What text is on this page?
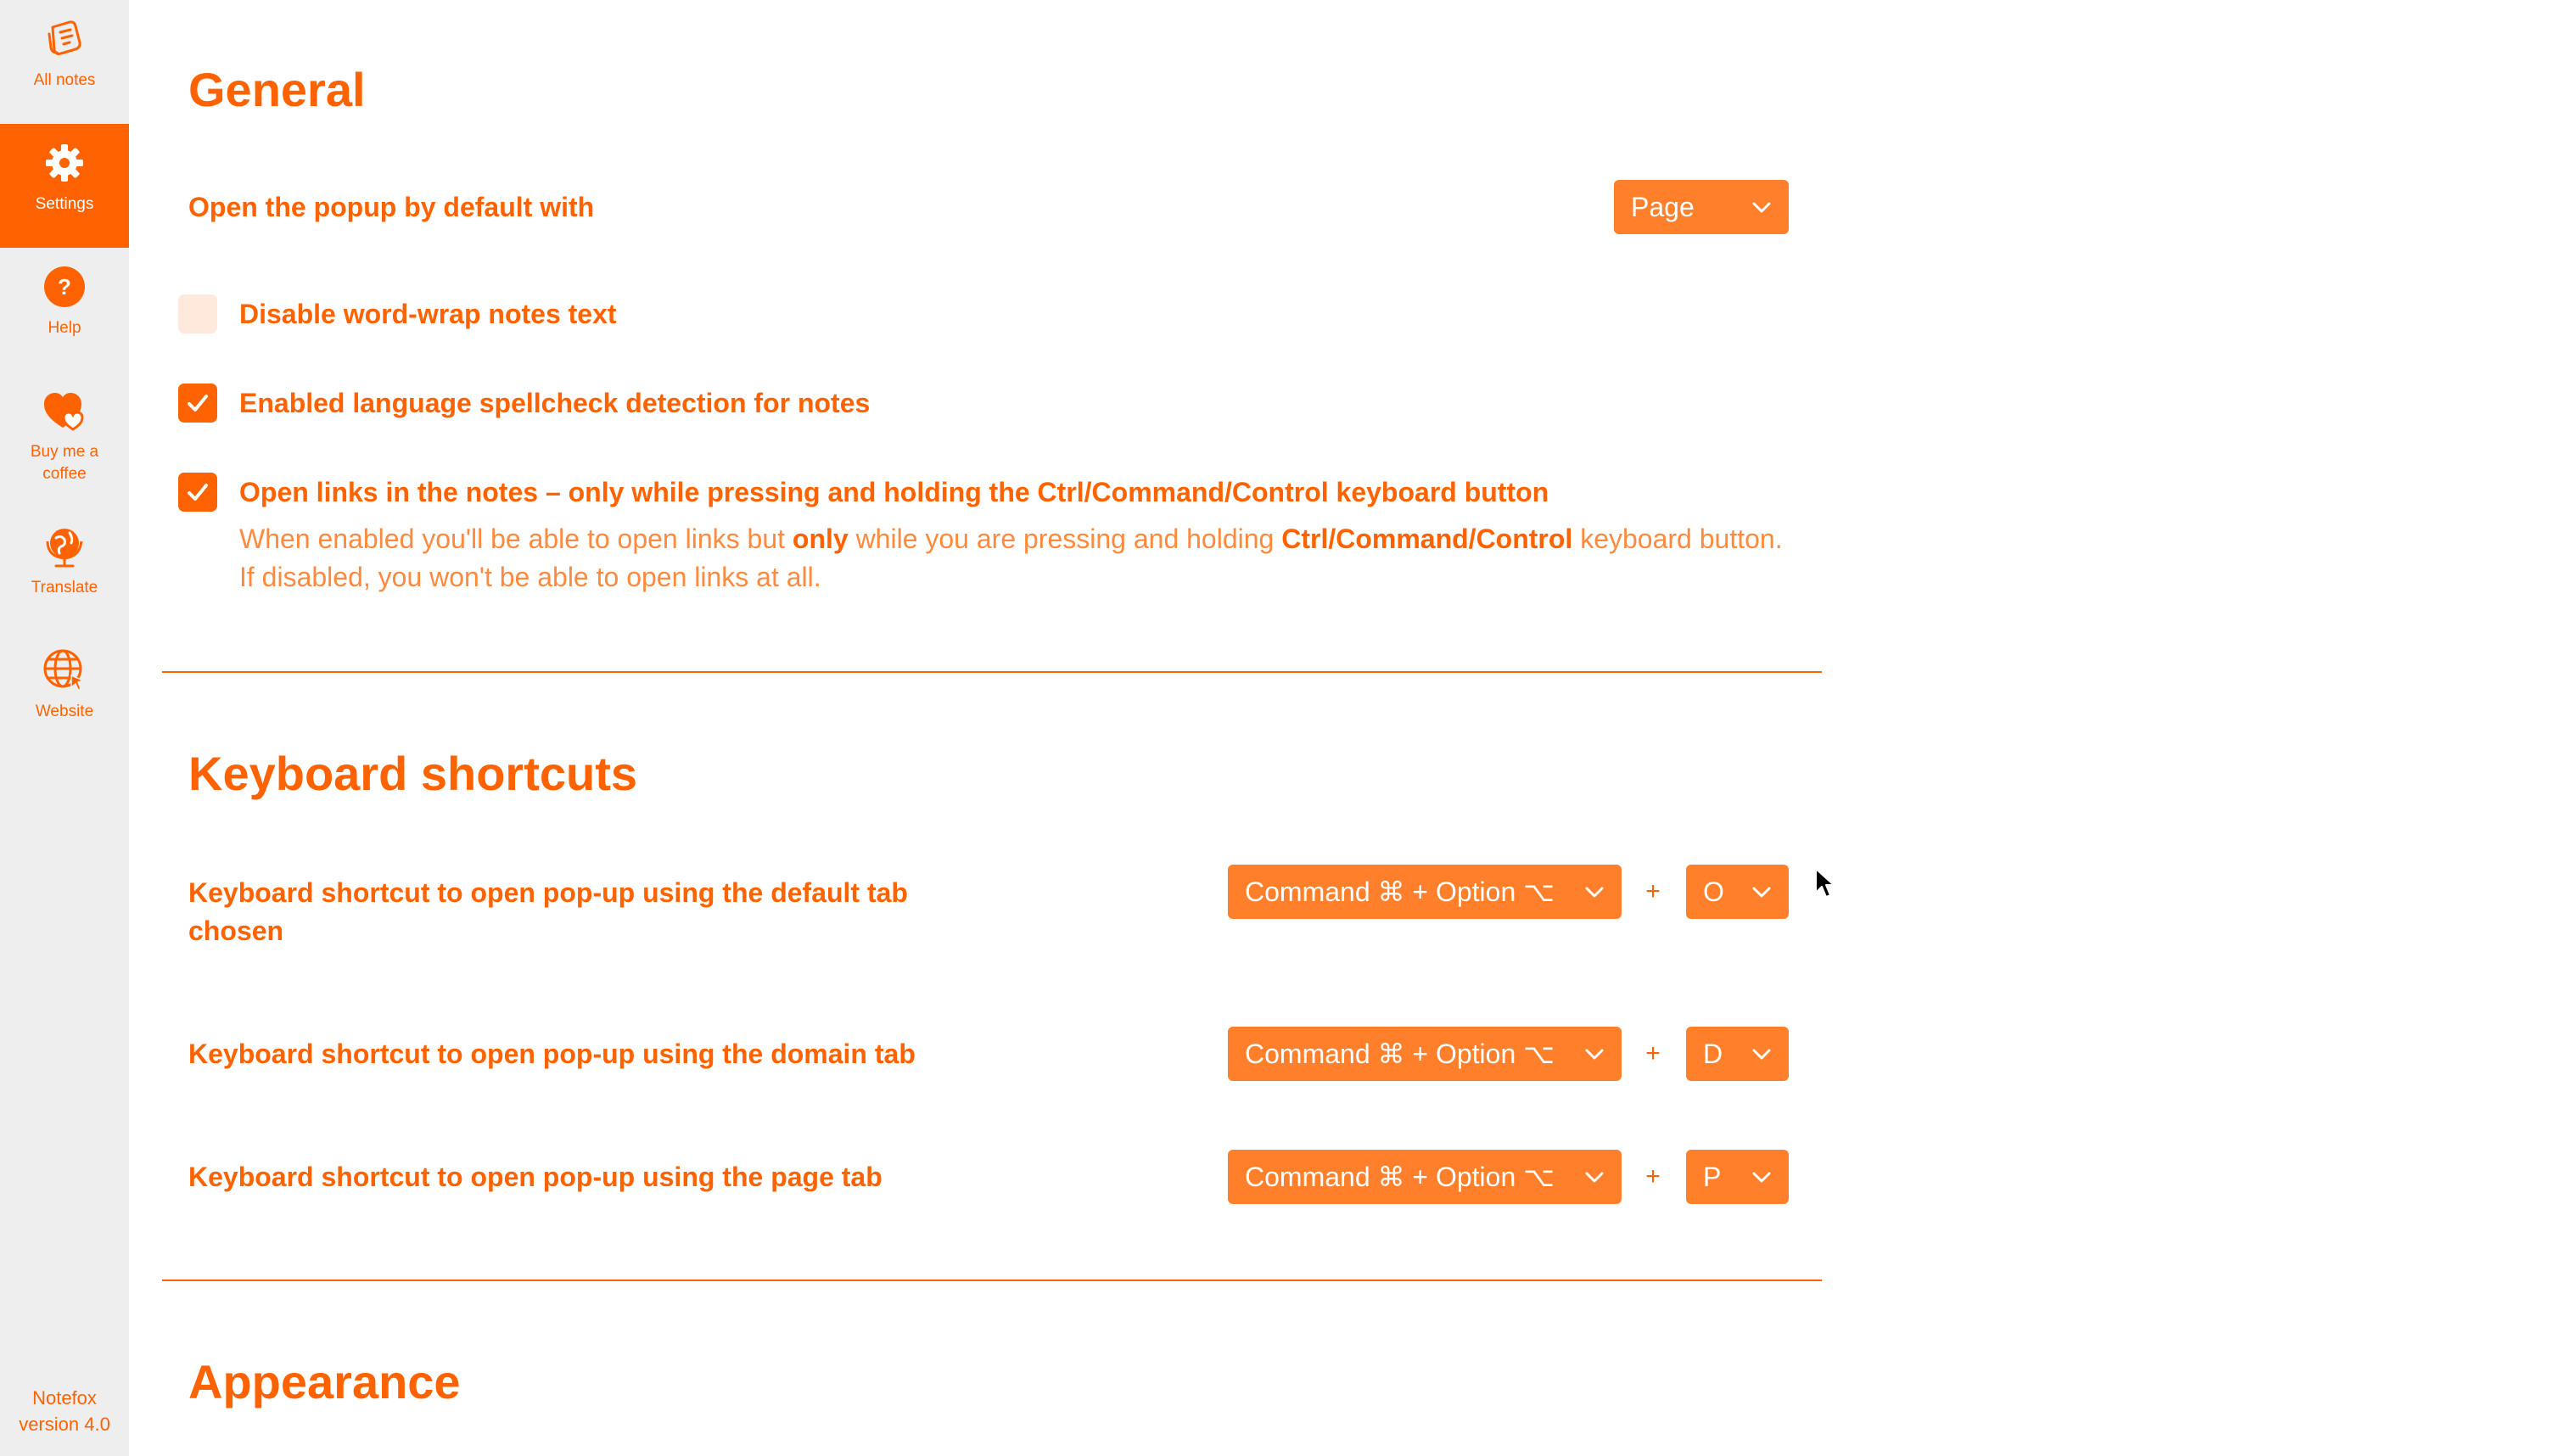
All notes
Settings
?
Help
Buy me a
coffee
Translate
Website
Notefox
version 4.0
General
Open the popup by default with	Page
Disable word-wrap notes text
Enabled language spellcheck detection for notes
Open links in the notes – only while pressing and holding the Ctrl/Command/Control keyboard button
When enabled you'll be able to open links but only while you are pressing and holding Ctrl/Command/Control keyboard button. If disabled, you won't be able to open links at all.
Keyboard shortcuts
Keyboard shortcut to open pop-up using the default tab chosen
Command ⌘ + Option ⌥	+	O
Keyboard shortcut to open pop-up using the domain tab	Command ⌘ + Option ⌥	+	D
Keyboard shortcut to open pop-up using the page tab	Command ⌘ + Option ⌥	+	P
Appearance
